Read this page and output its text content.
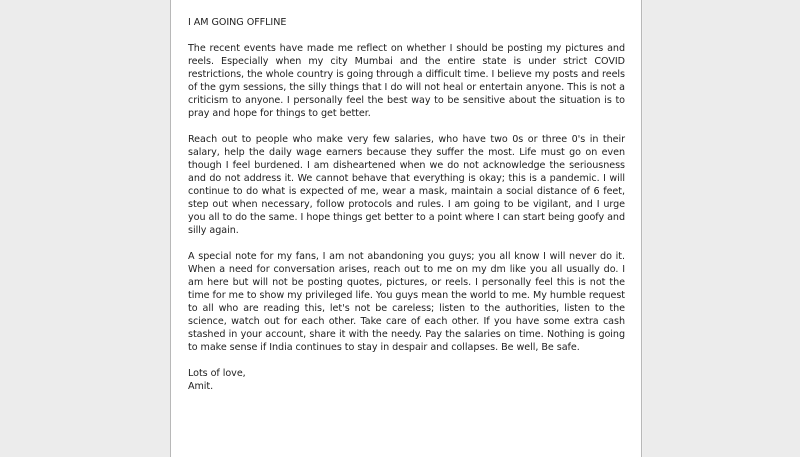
I AM GOING OFFLINE

The recent events have made me reflect on whether I should be posting my pictures and reels. Especially when my city Mumbai and the entire state is under strict COVID restrictions, the whole country is going through a difficult time. I believe my posts and reels of the gym sessions, the silly things that I do will not heal or entertain anyone. This is not a criticism to anyone. I personally feel the best way to be sensitive about the situation is to pray and hope for things to get better.

Reach out to people who make very few salaries, who have two 0s or three 0's in their salary, help the daily wage earners because they suffer the most. Life must go on even though I feel burdened. I am disheartened when we do not acknowledge the seriousness and do not address it. We cannot behave that everything is okay; this is a pandemic. I will continue to do what is expected of me, wear a mask, maintain a social distance of 6 feet, step out when necessary, follow protocols and rules. I am going to be vigilant, and I urge you all to do the same. I hope things get better to a point where I can start being goofy and silly again.

A special note for my fans, I am not abandoning you guys; you all know I will never do it. When a need for conversation arises, reach out to me on my dm like you all usually do. I am here but will not be posting quotes, pictures, or reels. I personally feel this is not the time for me to show my privileged life. You guys mean the world to me. My humble request to all who are reading this, let's not be careless; listen to the authorities, listen to the science, watch out for each other. Take care of each other. If you have some extra cash stashed in your account, share it with the needy. Pay the salaries on time. Nothing is going to make sense if India continues to stay in despair and collapses. Be well, Be safe.

Lots of love,
Amit.
